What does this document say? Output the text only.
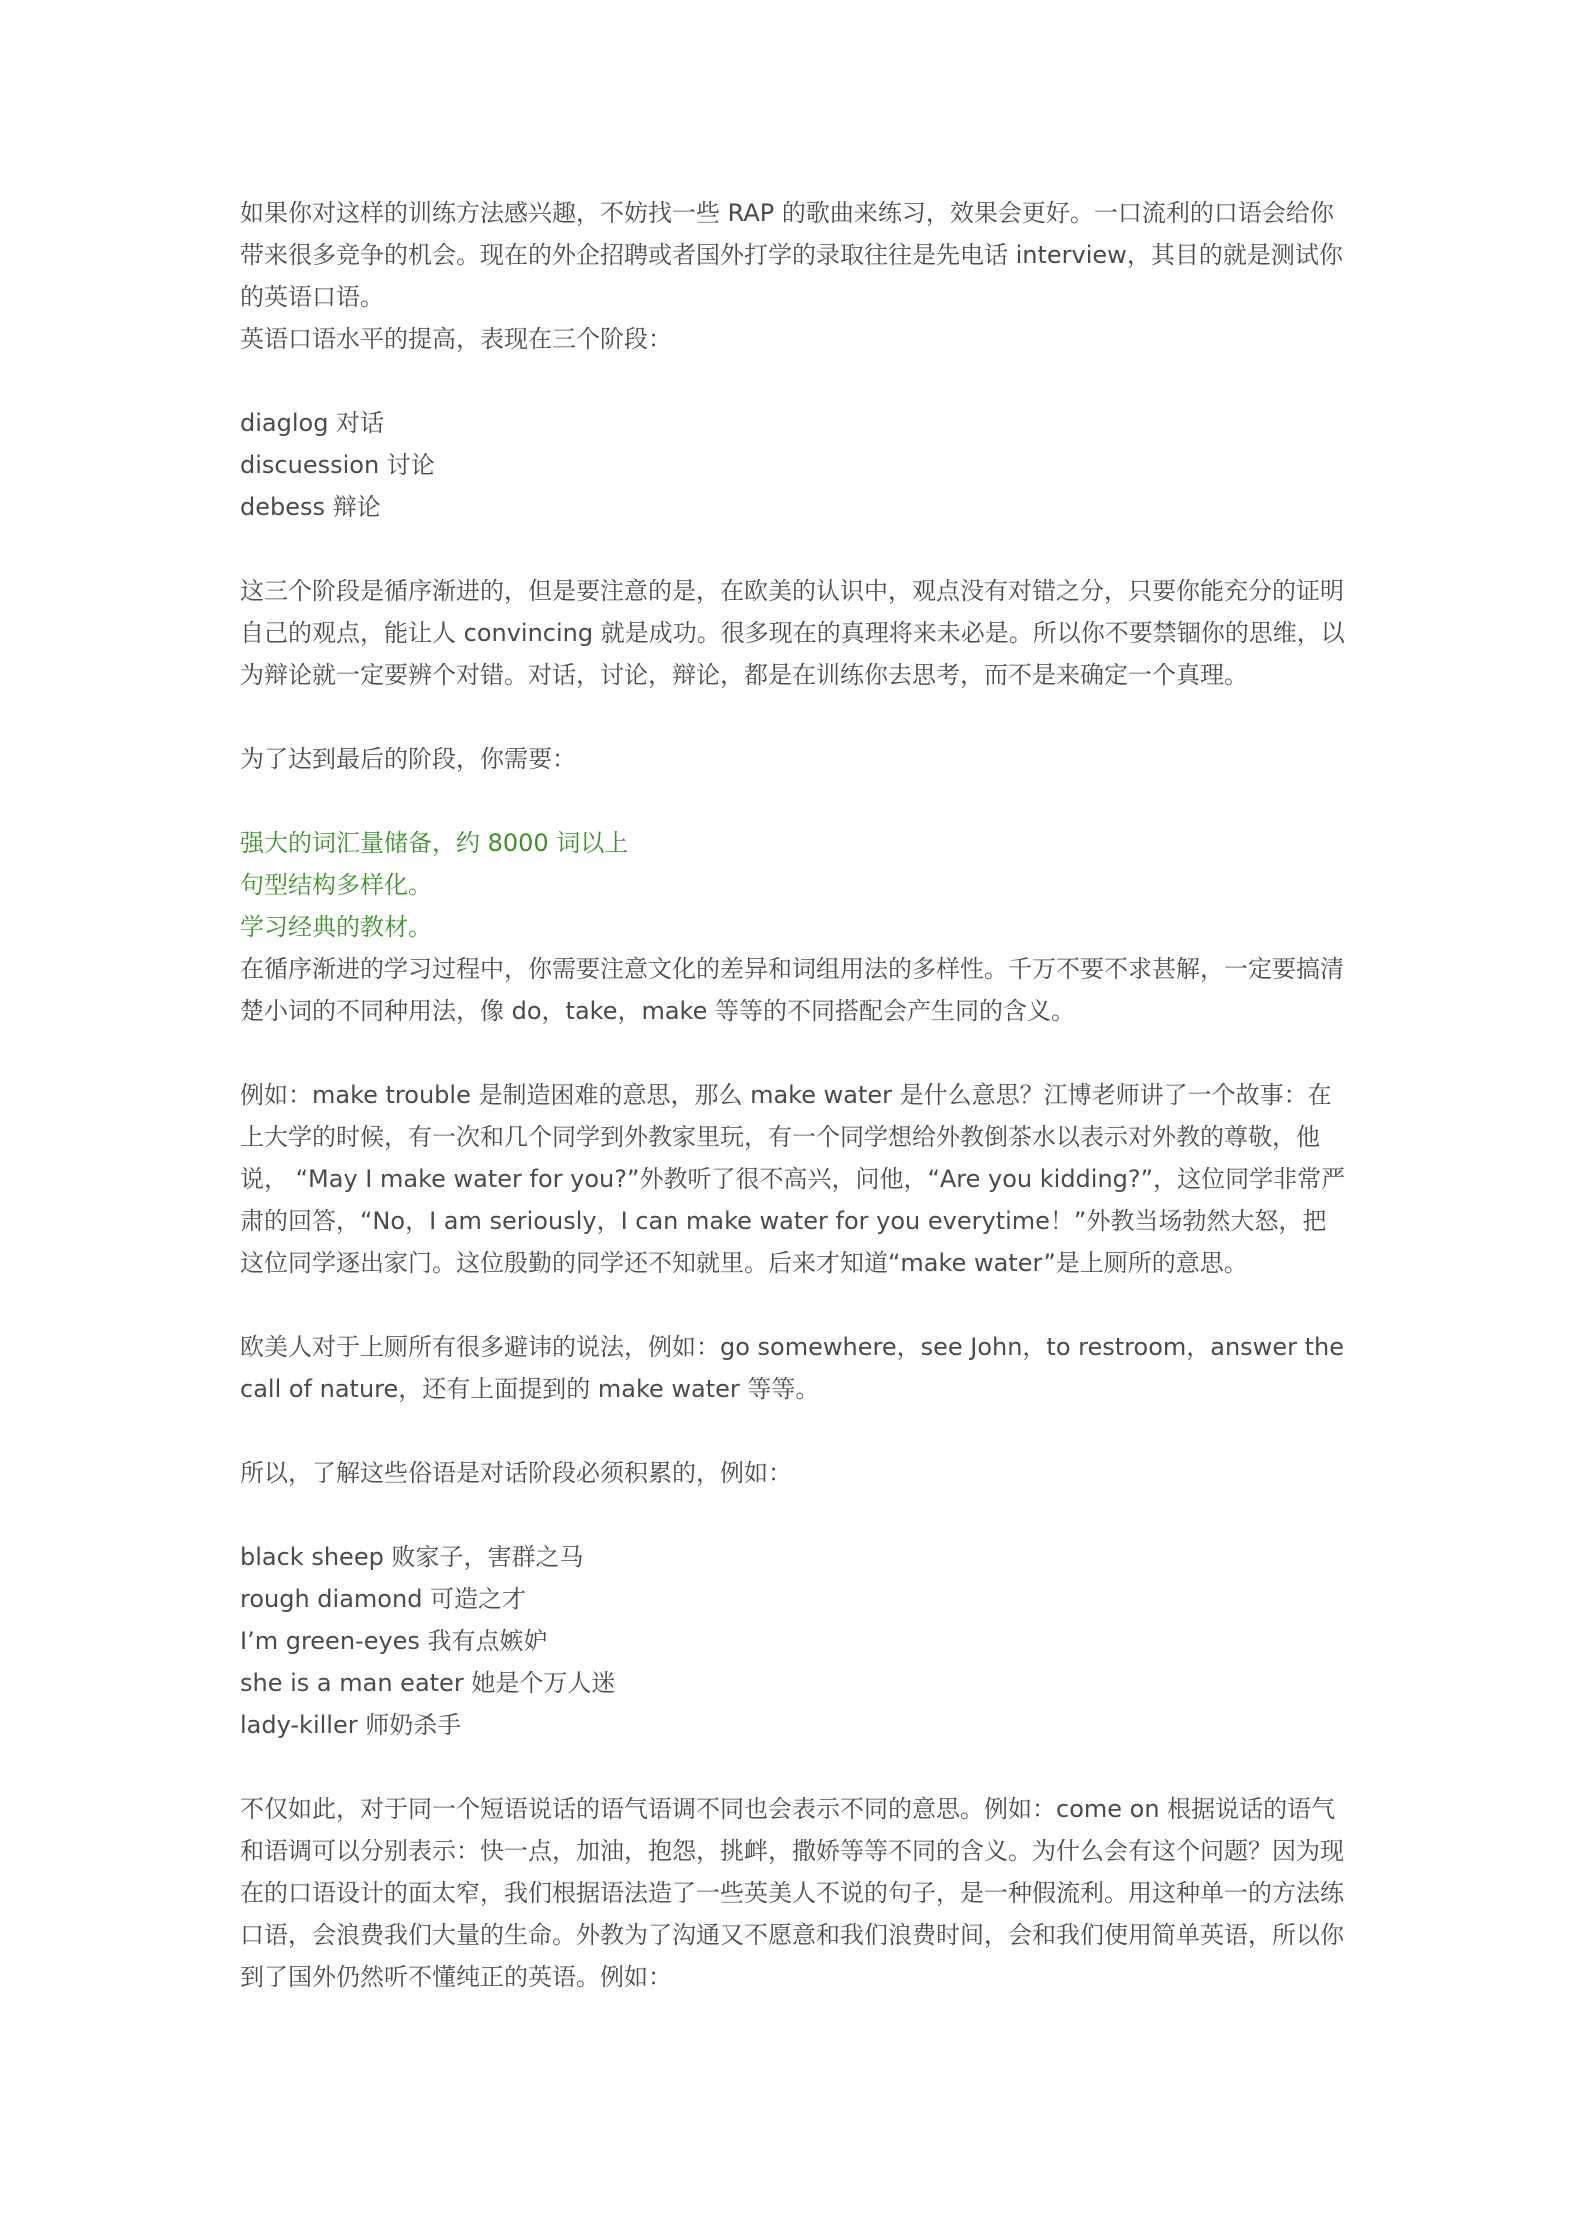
如果你对这样的训练方法感兴趣，不妨找一些 RAP 的歌曲来练习，效果会更好。一口流利的口语会给你带来很多竞争的机会。现在的外企招聘或者国外打学的录取往往是先电话 interview，其目的就是测试你的英语口语。

英语口语水平的提高，表现在三个阶段：

diaglog 对话

discuession 讨论

debess 辩论

这三个阶段是循序渐进的，但是要注意的是，在欧美的认识中，观点没有对错之分，只要你能充分的证明自己的观点，能让人 convincing 就是成功。很多现在的真理将来未必是。所以你不要禁锢你的思维，以为辩论就一定要辨个对错。对话，讨论，辩论，都是在训练你去思考，而不是来确定一个真理。

为了达到最后的阶段，你需要：

强大的词汇量储备，约 8000 词以上

句型结构多样化。

学习经典的教材。

在循序渐进的学习过程中，你需要注意文化的差异和词组用法的多样性。千万不要不求甚解，一定要搞清楚小词的不同种用法，像 do，take，make 等等的不同搭配会产生同的含义。

例如：make trouble 是制造困难的意思，那么 make water 是什么意思？江博老师讲了一个故事：在上大学的时候，有一次和几个同学到外教家里玩，有一个同学想给外教倒茶水以表示对外教的尊敬，他说， “May I make water for you?”外教听了很不高兴，问他，“Are you kidding?”，这位同学非常严肃的回答，“No，I am seriously，I can make water for you everytime！”外教当场勃然大怒，把这位同学逐出家门。这位殷勤的同学还不知就里。后来才知道“make water”是上厕所的意思。

欧美人对于上厕所有很多避讳的说法，例如：go somewhere，see John，to restroom，answer the call of nature，还有上面提到的 make water 等等。

所以，了解这些俗语是对话阶段必须积累的，例如：

black sheep 败家子，害群之马

rough diamond 可造之才

I’m green-eyes 我有点嫉妒

she is a man eater 她是个万人迷

lady-killer 师奶杀手

不仅如此，对于同一个短语说话的语气语调不同也会表示不同的意思。例如：come on 根据说话的语气和语调可以分别表示：快一点，加油，抱怨，挑衅，撒娇等等不同的含义。为什么会有这个问题？因为现在的口语设计的面太窄，我们根据语法造了一些英美人不说的句子，是一种假流利。用这种单一的方法练口语，会浪费我们大量的生命。外教为了沟通又不愿意和我们浪费时间，会和我们使用简单英语，所以你到了国外仍然听不懂纯正的英语。例如：
